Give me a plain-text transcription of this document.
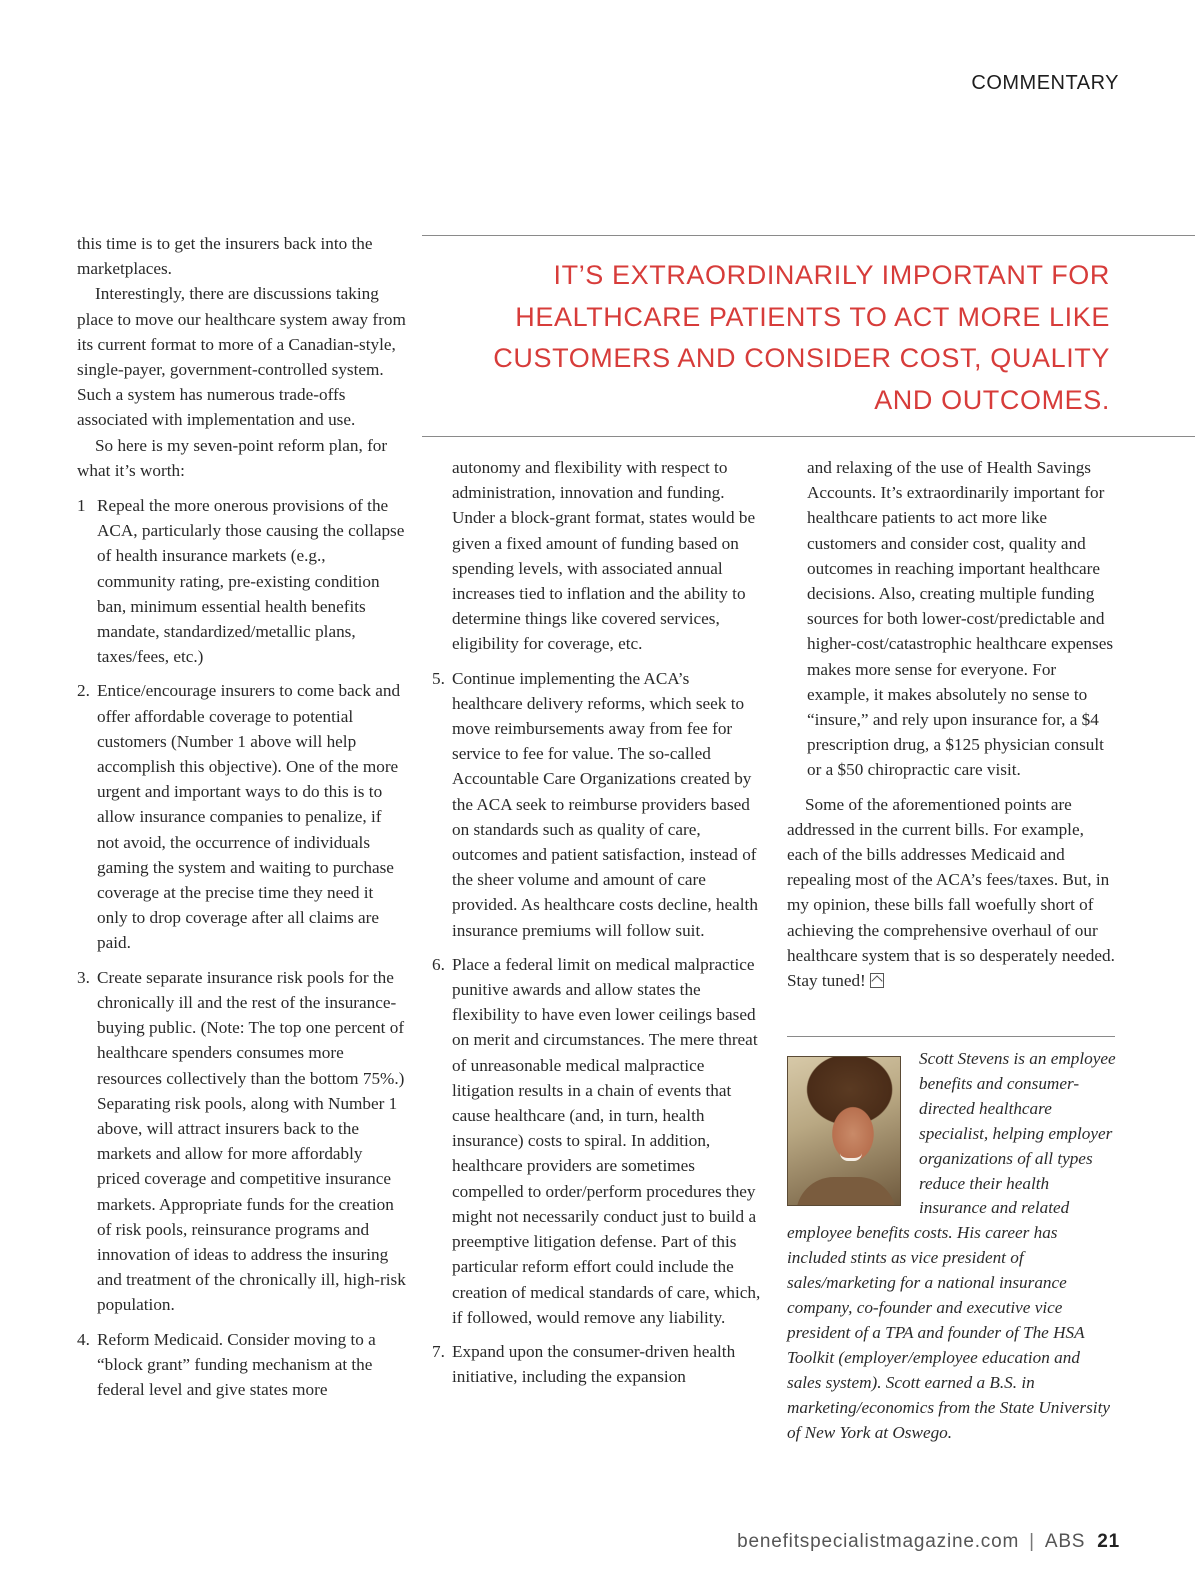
COMMENTARY
IT’S EXTRAORDINARILY IMPORTANT FOR HEALTHCARE PATIENTS TO ACT MORE LIKE CUSTOMERS AND CONSIDER COST, QUALITY AND OUTCOMES.

this time is to get the insurers back into the marketplaces.

Interestingly, there are discussions taking place to move our healthcare system away from its current format to more of a Canadian-style, single-payer, government-controlled system. Such a system has numerous trade-offs associated with implementation and use.

So here is my seven-point reform plan, for what it’s worth:

1 Repeal the more onerous provisions of the ACA, particularly those causing the collapse of health insurance markets (e.g., community rating, pre-existing condition ban, minimum essential health benefits mandate, standardized/metallic plans, taxes/fees, etc.)
2. Entice/encourage insurers to come back and offer affordable coverage to potential customers (Number 1 above will help accomplish this objective). One of the more urgent and important ways to do this is to allow insurance companies to penalize, if not avoid, the occurrence of individuals gaming the system and waiting to purchase coverage at the precise time they need it only to drop coverage after all claims are paid.
3. Create separate insurance risk pools for the chronically ill and the rest of the insurance-buying public. (Note: The top one percent of healthcare spenders consumes more resources collectively than the bottom 75%.) Separating risk pools, along with Number 1 above, will attract insurers back to the markets and allow for more affordably priced coverage and competitive insurance markets. Appropriate funds for the creation of risk pools, reinsurance programs and innovation of ideas to address the insuring and treatment of the chronically ill, high-risk population.
4. Reform Medicaid. Consider moving to a “block grant” funding mechanism at the federal level and give states more
autonomy and flexibility with respect to administration, innovation and funding. Under a block-grant format, states would be given a fixed amount of funding based on spending levels, with associated annual increases tied to inflation and the ability to determine things like covered services, eligibility for coverage, etc.
5. Continue implementing the ACA’s healthcare delivery reforms, which seek to move reimbursements away from fee for service to fee for value. The so-called Accountable Care Organizations created by the ACA seek to reimburse providers based on standards such as quality of care, outcomes and patient satisfaction, instead of the sheer volume and amount of care provided. As healthcare costs decline, health insurance premiums will follow suit.
6. Place a federal limit on medical malpractice punitive awards and allow states the flexibility to have even lower ceilings based on merit and circumstances. The mere threat of unreasonable medical malpractice litigation results in a chain of events that cause healthcare (and, in turn, health insurance) costs to spiral. In addition, healthcare providers are sometimes compelled to order/perform procedures they might not necessarily conduct just to build a preemptive litigation defense. Part of this particular reform effort could include the creation of medical standards of care, which, if followed, would remove any liability.
7. Expand upon the consumer-driven health initiative, including the expansion
and relaxing of the use of Health Savings Accounts. It’s extraordinarily important for healthcare patients to act more like customers and consider cost, quality and outcomes in reaching important healthcare decisions. Also, creating multiple funding sources for both lower-cost/predictable and higher-cost/catastrophic healthcare expenses makes more sense for everyone. For example, it makes absolutely no sense to “insure,” and rely upon insurance for, a $4 prescription drug, a $125 physician consult or a $50 chiropractic care visit.

Some of the aforementioned points are addressed in the current bills. For example, each of the bills addresses Medicaid and repealing most of the ACA’s fees/taxes. But, in my opinion, these bills fall woefully short of achieving the comprehensive overhaul of our healthcare system that is so desperately needed. Stay tuned!

Scott Stevens is an employee benefits and consumer-directed healthcare specialist, helping employer organizations of all types reduce their health insurance and related employee benefits costs. His career has included stints as vice president of sales/marketing for a national insurance company, co-founder and executive vice president of a TPA and founder of The HSA Toolkit (employer/employee education and sales system). Scott earned a B.S. in marketing/economics from the State University of New York at Oswego.
benefitspecialistmagazine.com | ABS 21
